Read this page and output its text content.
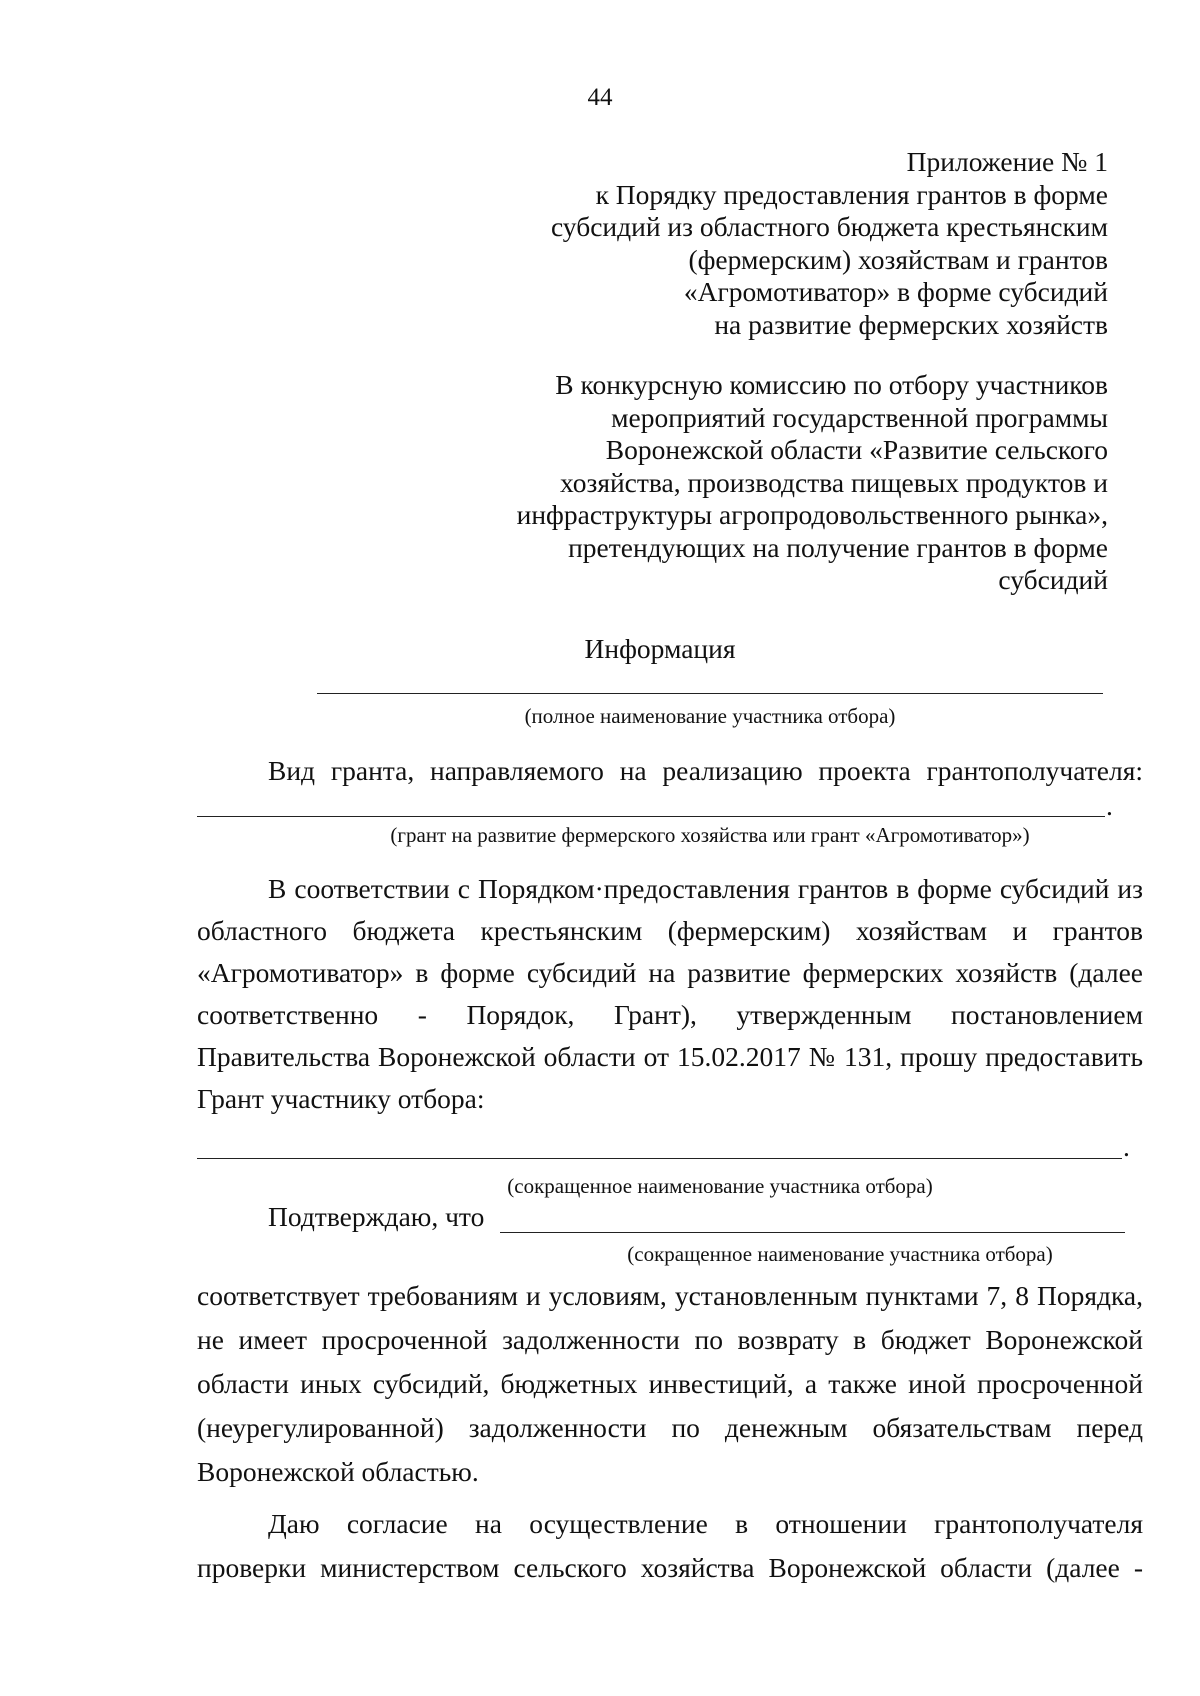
44
Приложение № 1
к Порядку предоставления грантов в форме
субсидий из областного бюджета крестьянским
(фермерским) хозяйствам и грантов
«Агромотиватор» в форме субсидий
на развитие фермерских хозяйств
В конкурсную комиссию по отбору участников
мероприятий государственной программы
Воронежской области «Развитие сельского
хозяйства, производства пищевых продуктов и
инфраструктуры агропродовольственного рынка»,
претендующих на получение грантов в форме
субсидий
Информация
(полное наименование участника отбора)
Вид гранта, направляемого на реализацию проекта грантополучателя:
.
(грант на развитие фермерского хозяйства или грант «Агромотиватор»)
В соответствии с Порядком·предоставления грантов в форме субсидий из
областного бюджета крестьянским (фермерским) хозяйствам и грантов
«Агромотиватор» в форме субсидий на развитие фермерских хозяйств (далее
соответственно - Порядок, Грант), утвержденным постановлением
Правительства Воронежской области от 15.02.2017 № 131, прошу предоставить
Грант участнику отбора:
.
(сокращенное наименование участника отбора)
Подтверждаю, что
(сокращенное наименование участника отбора)
соответствует требованиям и условиям, установленным пунктами 7, 8 Порядка,
не имеет просроченной задолженности по возврату в бюджет Воронежской
области иных субсидий, бюджетных инвестиций, а также иной просроченной
(неурегулированной) задолженности по денежным обязательствам перед
Воронежской областью.
Даю согласие на осуществление в отношении грантополучателя
проверки министерством сельского хозяйства Воронежской области (далее -
